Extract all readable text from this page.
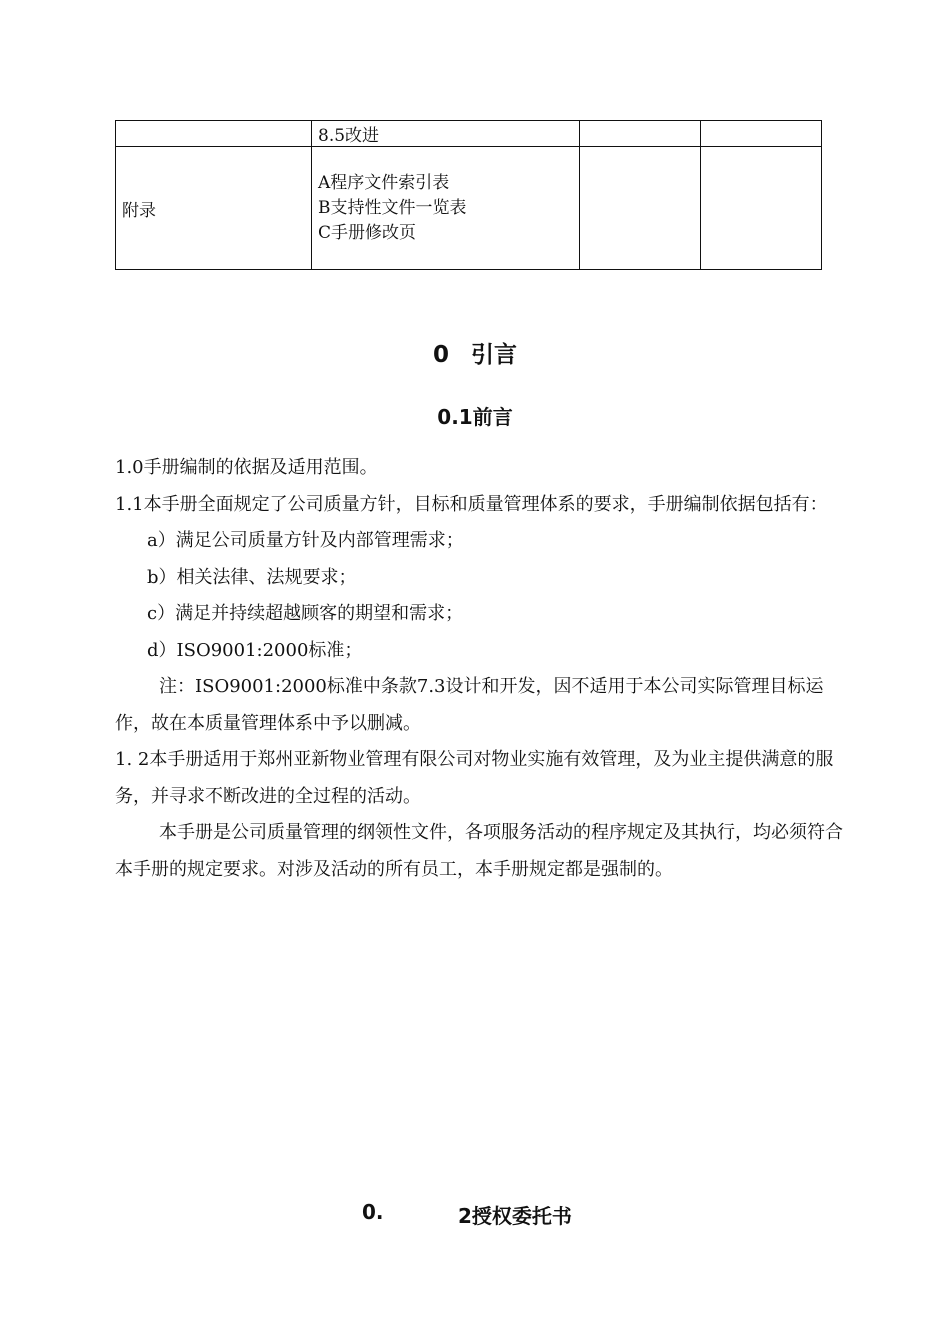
	8.5改进		
附录	A程序文件索引表
B支持性文件一览表
C手册修改页		

0 引言
0.1前言

1.0手册编制的依据及适用范围。

1.1本手册全面规定了公司质量方针，目标和质量管理体系的要求，手册编制依据包括有：

a）满足公司质量方针及内部管理需求；

b）相关法律、法规要求；

c）满足并持续超越顾客的期望和需求；

d）ISO9001:2000标准；

注：ISO9001:2000标准中条款7.3设计和开发，因不适用于本公司实际管理目标运作，故在本质量管理体系中予以删减。

1. 2本手册适用于郑州亚新物业管理有限公司对物业实施有效管理，及为业主提供满意的服务，并寻求不断改进的全过程的活动。

本手册是公司质量管理的纲领性文件，各项服务活动的程序规定及其执行，均必须符合本手册的规定要求。对涉及活动的所有员工，本手册规定都是强制的。

0.	2授权委托书
